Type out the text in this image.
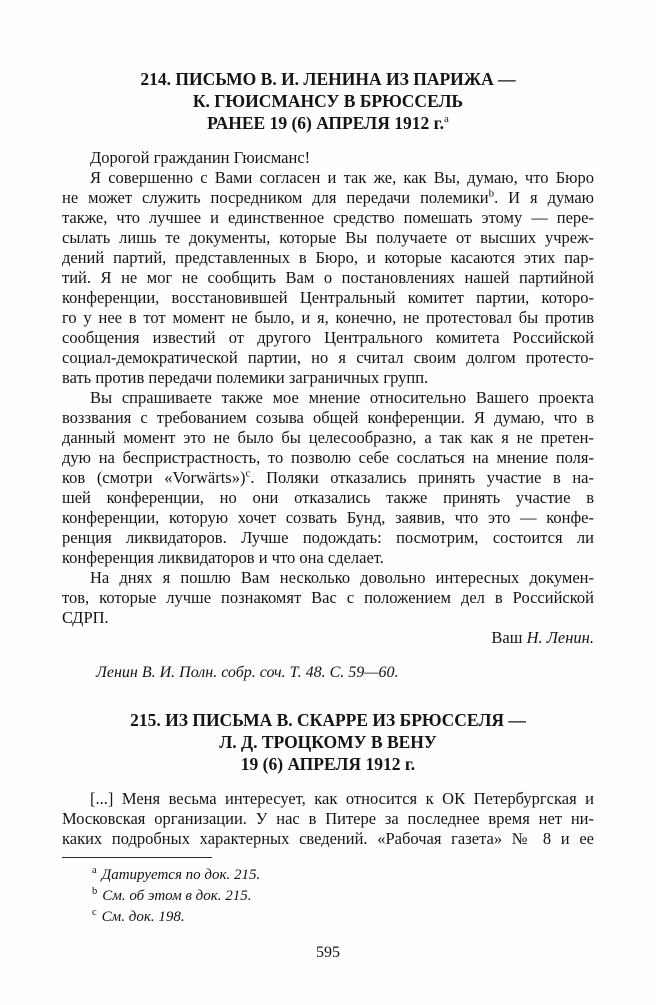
214. ПИСЬМО В. И. ЛЕНИНА ИЗ ПАРИЖА —
К. ГЮИСМАНСУ В БРЮССЕЛЬ
РАНЕЕ 19 (6) АПРЕЛЯ 1912 г.$^a$

Дорогой гражданин Гюисманс!

Я совершенно с Вами согласен и так же, как Вы, думаю, что Бюро
не может служить посредником для передачи полемики$^b$. И я думаю
также, что лучшее и единственное средство помешать этому — пере-
сылать лишь те документы, которые Вы получаете от высших учреж-
дений партий, представленных в Бюро, и которые касаются этих пар-
тий. Я не мог не сообщить Вам о постановлениях нашей партийной
конференции, восстановившей Центральный комитет партии, которо-
го у нее в тот момент не было, и я, конечно, не протестовал бы против
сообщения известий от другого Центрального комитета Российской
социал-демократической партии, но я считал своим долгом протесто-
вать против передачи полемики заграничных групп.
Вы спрашиваете также мое мнение относительно Вашего проекта
воззвания с требованием созыва общей конференции. Я думаю, что в
данный момент это не было бы целесообразно, а так как я не претен-
дую на беспристрастность, то позволю себе сослаться на мнение поля-
ков (смотри «Vorwärts»)$^c$. Поляки отказались принять участие в на-
шей конференции, но они отказались также принять участие в
конференции, которую хочет созвать Бунд, заявив, что это — конфе-
ренция ликвидаторов. Лучше подождать: посмотрим, состоится ли
конференция ликвидаторов и что она сделает.
На днях я пошлю Вам несколько довольно интересных докумен-
тов, которые лучше познакомят Вас с положением дел в Российской
СДРП.

Ваш Н. Ленин.

Ленин В. И. Полн. собр. соч. Т. 48. С. 59—60.

215. ИЗ ПИСЬМА В. СКАРРЕ ИЗ БРЮССЕЛЯ —
Л. Д. ТРОЦКОМУ В ВЕНУ
19 (6) АПРЕЛЯ 1912 г.
[...] Меня весьма интересует, как относится к ОК Петербургская и
Московская организации. У нас в Питере за последнее время нет ни-
каких подробных характерных сведений. «Рабочая газета» № 8 и ее
$^a$ Датируется по док. 215.
$^b$ См. об этом в док. 215.
$^c$ См. док. 198.
595
